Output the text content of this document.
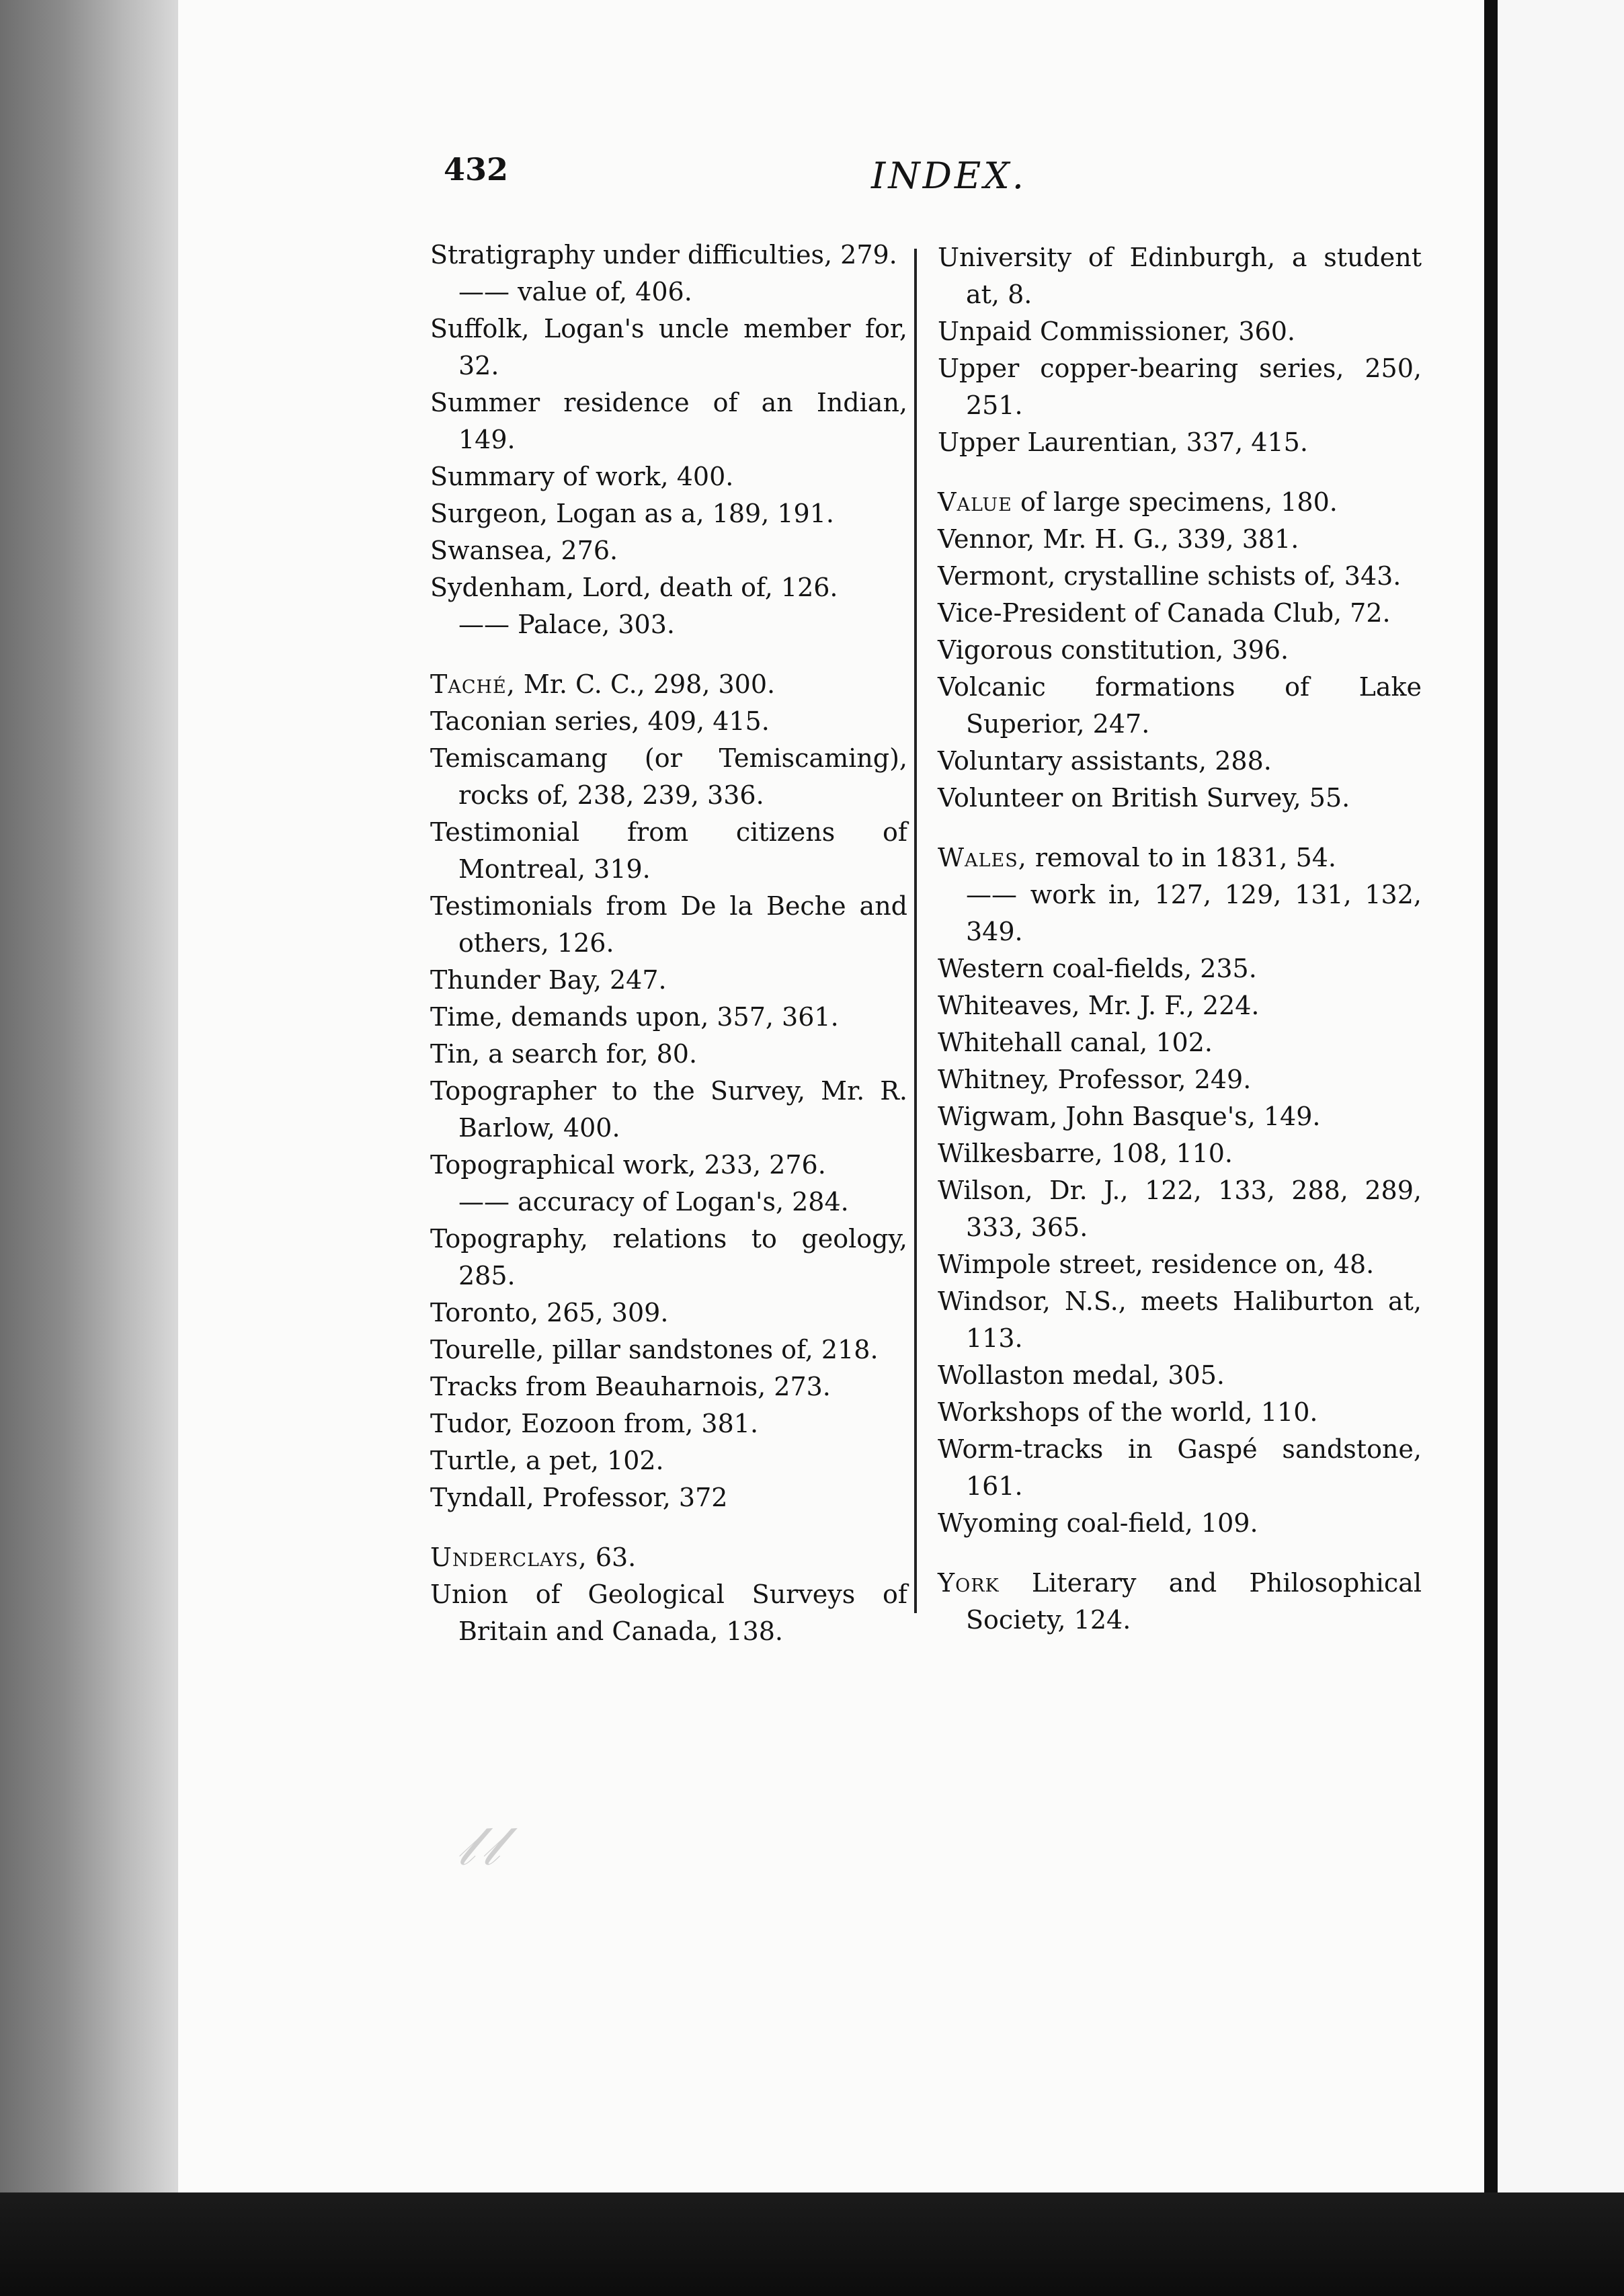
𝓁𝓁
432	INDEX.

Stratigraphy under difficulties, 279.

—— value of, 406.

Suffolk, Logan's uncle member for, 32.

Summer residence of an Indian, 149.

Summary of work, 400.

Surgeon, Logan as a, 189, 191.

Swansea, 276.

Sydenham, Lord, death of, 126.

—— Palace, 303.

Taché, Mr. C. C., 298, 300.

Taconian series, 409, 415.

Temiscamang (or Temiscaming), rocks of, 238, 239, 336.

Testimonial from citizens of Montreal, 319.

Testimonials from De la Beche and others, 126.

Thunder Bay, 247.

Time, demands upon, 357, 361.

Tin, a search for, 80.

Topographer to the Survey, Mr. R. Barlow, 400.

Topographical work, 233, 276.

—— accuracy of Logan's, 284.

Topography, relations to geology, 285.

Toronto, 265, 309.

Tourelle, pillar sandstones of, 218.

Tracks from Beauharnois, 273.

Tudor, Eozoon from, 381.

Turtle, a pet, 102.

Tyndall, Professor, 372

Underclays, 63.

Union of Geological Surveys of Britain and Canada, 138.

University of Edinburgh, a student at, 8.

Unpaid Commissioner, 360.

Upper copper-bearing series, 250, 251.

Upper Laurentian, 337, 415.

Value of large specimens, 180.

Vennor, Mr. H. G., 339, 381.

Vermont, crystalline schists of, 343.

Vice-President of Canada Club, 72.

Vigorous constitution, 396.

Volcanic formations of Lake Superior, 247.

Voluntary assistants, 288.

Volunteer on British Survey, 55.

Wales, removal to in 1831, 54.

—— work in, 127, 129, 131, 132, 349.

Western coal-fields, 235.

Whiteaves, Mr. J. F., 224.

Whitehall canal, 102.

Whitney, Professor, 249.

Wigwam, John Basque's, 149.

Wilkesbarre, 108, 110.

Wilson, Dr. J., 122, 133, 288, 289, 333, 365.

Wimpole street, residence on, 48.

Windsor, N.S., meets Haliburton at, 113.

Wollaston medal, 305.

Workshops of the world, 110.

Worm-tracks in Gaspé sandstone, 161.

Wyoming coal-field, 109.

York Literary and Philosophical Society, 124.
